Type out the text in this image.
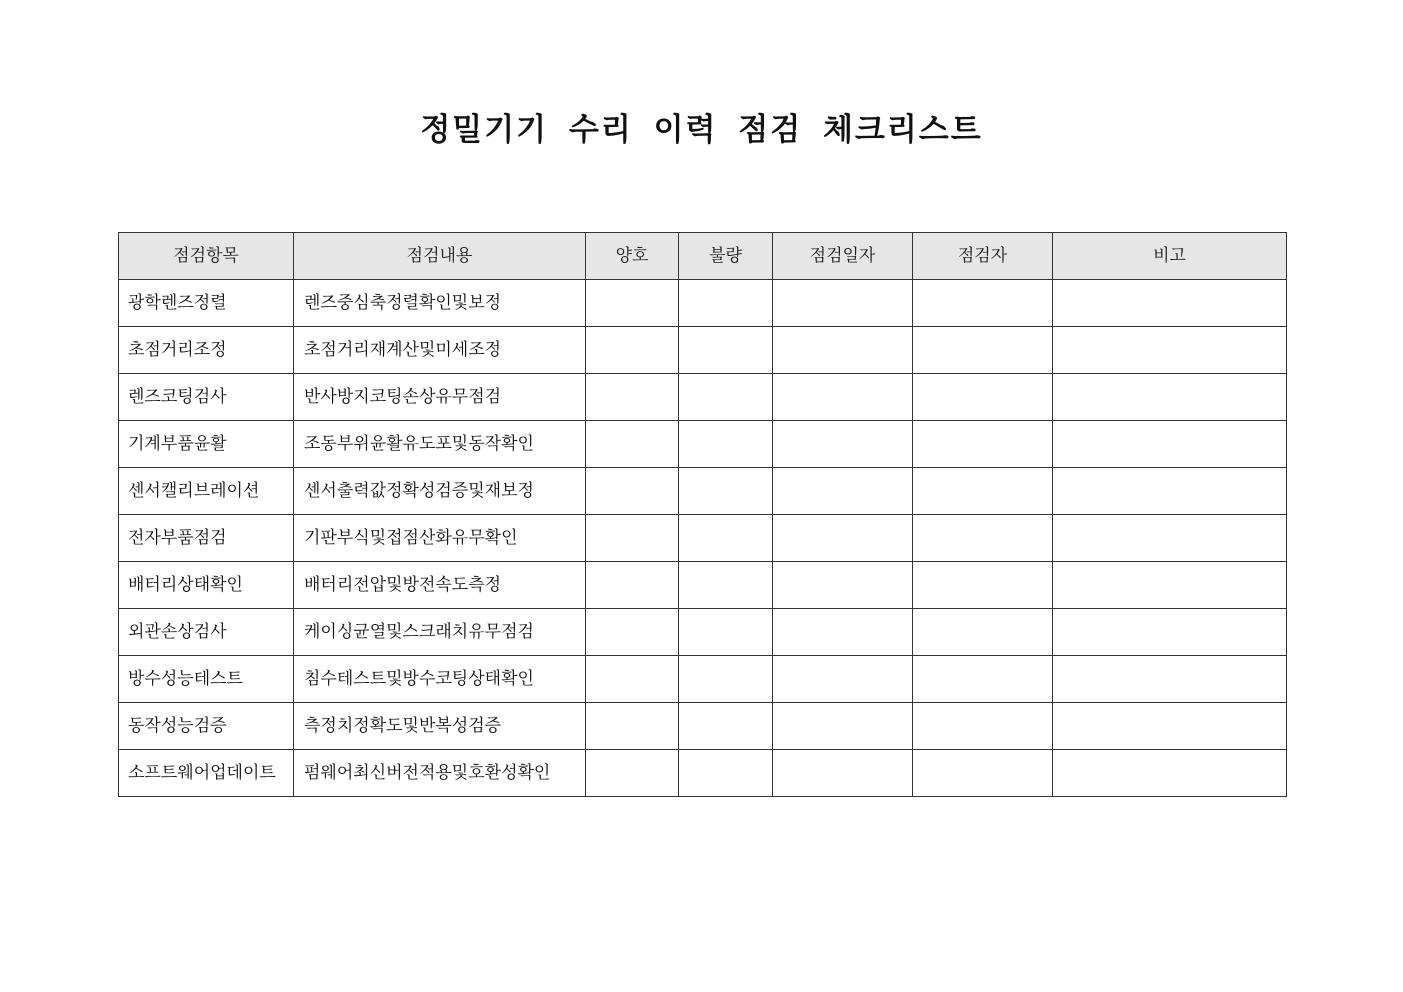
정밀기기 수리 이력 점검 체크리스트
점검항목	점검내용	양호	불량	점검일자	점검자	비고
광학렌즈정렬	렌즈중심축정렬확인및보정					
초점거리조정	초점거리재계산및미세조정					
렌즈코팅검사	반사방지코팅손상유무점검					
기계부품윤활	조동부위윤활유도포및동작확인					
센서캘리브레이션	센서출력값정확성검증및재보정					
전자부품점검	기판부식및접점산화유무확인					
배터리상태확인	배터리전압및방전속도측정					
외관손상검사	케이싱균열및스크래치유무점검					
방수성능테스트	침수테스트및방수코팅상태확인					
동작성능검증	측정치정확도및반복성검증					
소프트웨어업데이트	펌웨어최신버전적용및호환성확인					
